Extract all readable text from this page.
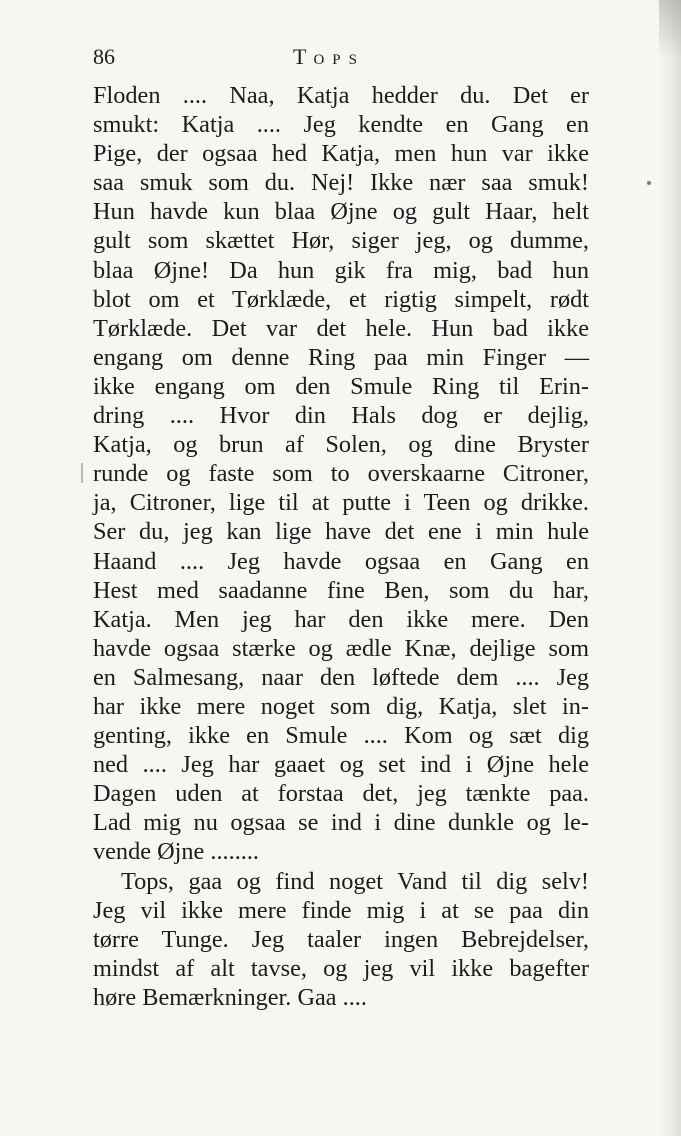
86	TOPS
Floden .... Naa, Katja hedder du. Det er
smukt: Katja .... Jeg kendte en Gang en
Pige, der ogsaa hed Katja, men hun var ikke
saa smuk som du. Nej! Ikke nær saa smuk!
Hun havde kun blaa Øjne og gult Haar, helt
gult som skættet Hør, siger jeg, og dumme,
blaa Øjne! Da hun gik fra mig, bad hun
blot om et Tørklæde, et rigtig simpelt, rødt
Tørklæde. Det var det hele. Hun bad ikke
engang om denne Ring paa min Finger —
ikke engang om den Smule Ring til Erin-
dring .... Hvor din Hals dog er dejlig,
Katja, og brun af Solen, og dine Bryster
runde og faste som to overskaarne Citroner,
ja, Citroner, lige til at putte i Teen og drikke.
Ser du, jeg kan lige have det ene i min hule
Haand .... Jeg havde ogsaa en Gang en
Hest med saadanne fine Ben, som du har,
Katja. Men jeg har den ikke mere. Den
havde ogsaa stærke og ædle Knæ, dejlige som
en Salmesang, naar den løftede dem .... Jeg
har ikke mere noget som dig, Katja, slet in-
genting, ikke en Smule .... Kom og sæt dig
ned .... Jeg har gaaet og set ind i Øjne hele
Dagen uden at forstaa det, jeg tænkte paa.
Lad mig nu ogsaa se ind i dine dunkle og le-
vende Øjne ........
Tops, gaa og find noget Vand til dig selv!
Jeg vil ikke mere finde mig i at se paa din
tørre Tunge. Jeg taaler ingen Bebrejdelser,
mindst af alt tavse, og jeg vil ikke bagefter
høre Bemærkninger. Gaa ....
